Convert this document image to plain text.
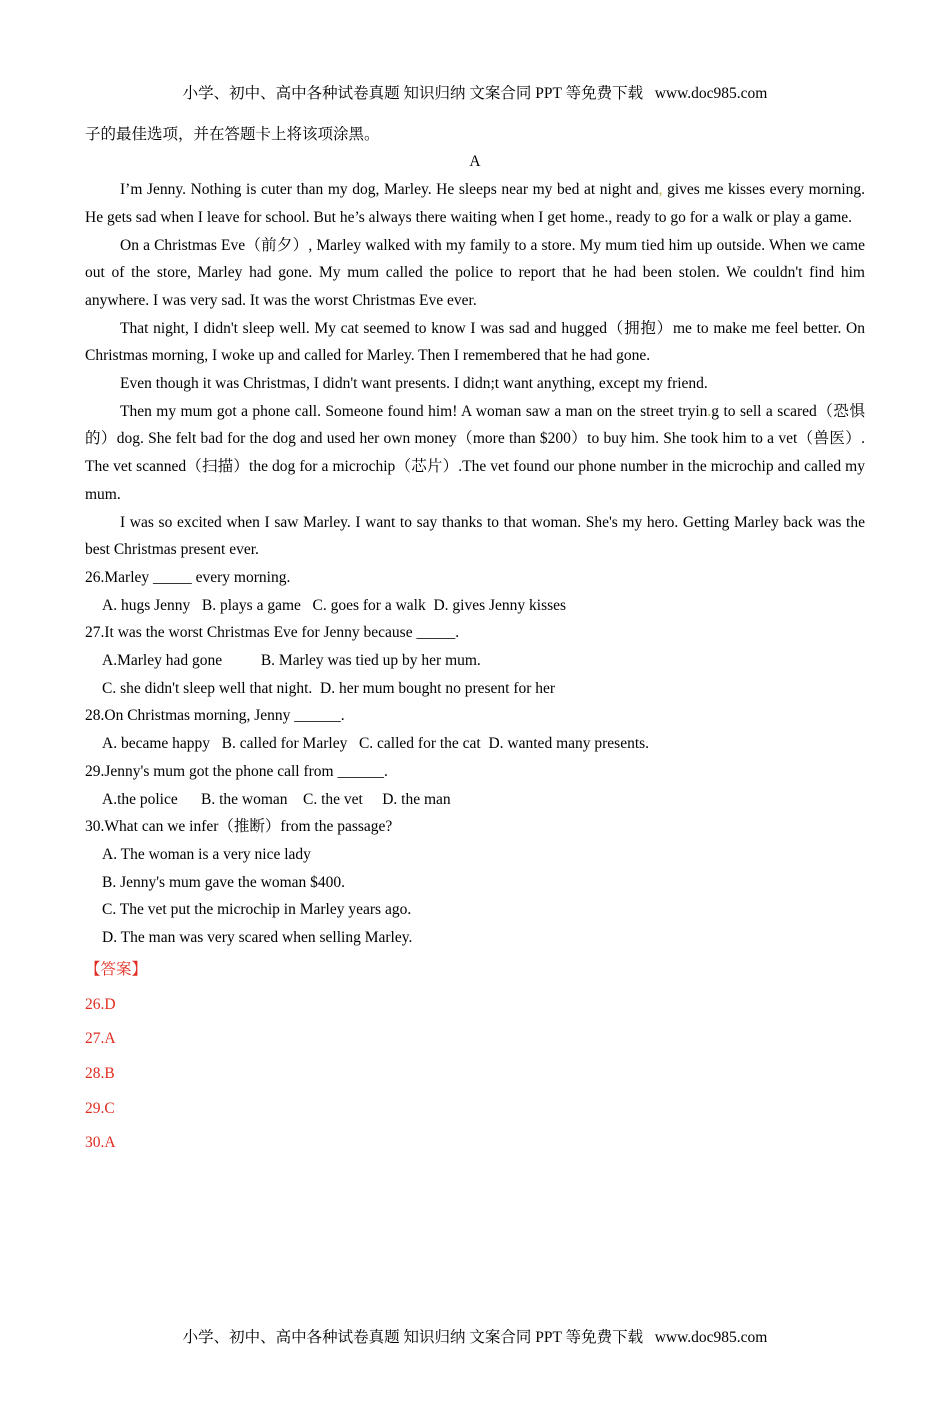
小学、初中、高中各种试卷真题 知识归纳 文案合同 PPT 等免费下载   www.doc985.com

子的最佳选项，并在答题卡上将该项涂黑。

A

I’m Jenny. Nothing is cuter than my dog, Marley. He sleeps near my bed at night and, gives me kisses every morning. He gets sad when I leave for school. But he’s always there waiting when I get home., ready to go for a walk or play a game.

On a Christmas Eve（前夕）, Marley walked with my family to a store. My mum tied him up outside. When we came out of the store, Marley had gone. My mum called the police to report that he had been stolen. We couldn't find him anywhere. I was very sad. It was the worst Christmas Eve ever.

That night, I didn't sleep well. My cat seemed to know I was sad and hugged（拥抱）me to make me feel better. On Christmas morning, I woke up and called for Marley. Then I remembered that he had gone.

Even though it was Christmas, I didn't want presents. I didn;t want anything, except my friend.

Then my mum got a phone call. Someone found him! A woman saw a man on the street tryin.g to sell a scared（恐惧的）dog. She felt bad for the dog and used her own money（more than $200）to buy him. She took him to a vet（兽医）. The vet scanned（扫描）the dog for a microchip（芯片）.The vet found our phone number in the microchip and called my mum.

I was so excited when I saw Marley. I want to say thanks to that woman. She's my hero. Getting Marley back was the best Christmas present ever.

26.Marley _____ every morning.

A. hugs Jenny   B. plays a game   C. goes for a walk  D. gives Jenny kisses

27.It was the worst Christmas Eve for Jenny because _____.

A.Marley had gone          B. Marley was tied up by her mum.

C. she didn't sleep well that night.  D. her mum bought no present for her

28.On Christmas morning, Jenny ______.

A. became happy   B. called for Marley   C. called for the cat  D. wanted many presents.

29.Jenny's mum got the phone call from ______.

A.the police      B. the woman    C. the vet     D. the man

30.What can we infer（推断）from the passage?

A. The woman is a very nice lady

B. Jenny's mum gave the woman $400.

C. The vet put the microchip in Marley years ago.

D. The man was very scared when selling Marley.

【答案】

26.D

27.A

28.B

29.C

30.A

小学、初中、高中各种试卷真题 知识归纳 文案合同 PPT 等免费下载   www.doc985.com
